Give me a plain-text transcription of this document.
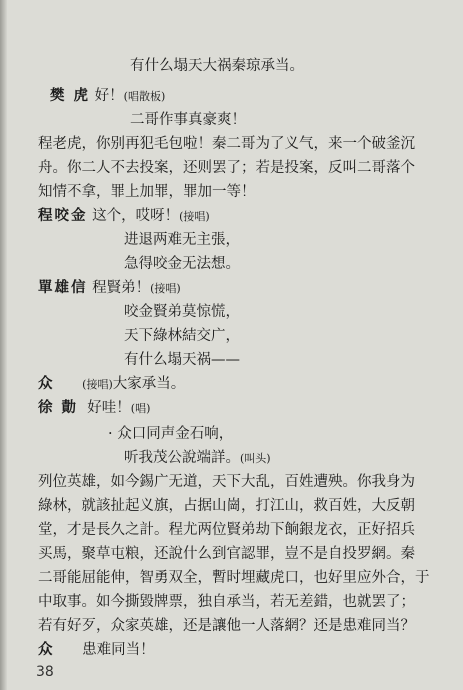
有什么塌天大祸秦琼承当。
樊 虎 好！(唱散板)
二哥作事真豪爽！
程老虎，你别再犯毛包啦！秦二哥为了义气，来一个破釜沉
舟。你二人不去投案，还则罢了；若是投案，反叫二哥落个
知情不拿，罪上加罪，罪加一等！
程咬金 这个，哎呀！(接唱)
进退两难无主張，
急得咬金无法想。
單雄信 程賢弟！(接唱)
咬金賢弟莫惊慌，
天下綠林結交广，
有什么塌天祸——
众	(接唱)大家承当。
徐 勣 好哇！(唱)
· 众口同声金石响，
听我茂公說端詳。(叫头)
列位英雄，如今錫广无道，天下大乱，百姓遭殃。你我身为
綠林，就該扯起义旗，占据山崗，打江山，救百姓，大反朝
堂，才是長久之計。程尤两位賢弟劫下餉銀龙衣，正好招兵
买馬，聚草屯粮，还說什么到官認罪，豈不是自投罗網。秦
二哥能屈能伸，智勇双全，暫时埋藏虎口，也好里应外合，于
中取事。如今撕毀牌票，独自承当，若无差錯，也就罢了；
若有好歹，众家英雄，还是讓他一人落網？还是患难同当？
众 患难同当！
38
